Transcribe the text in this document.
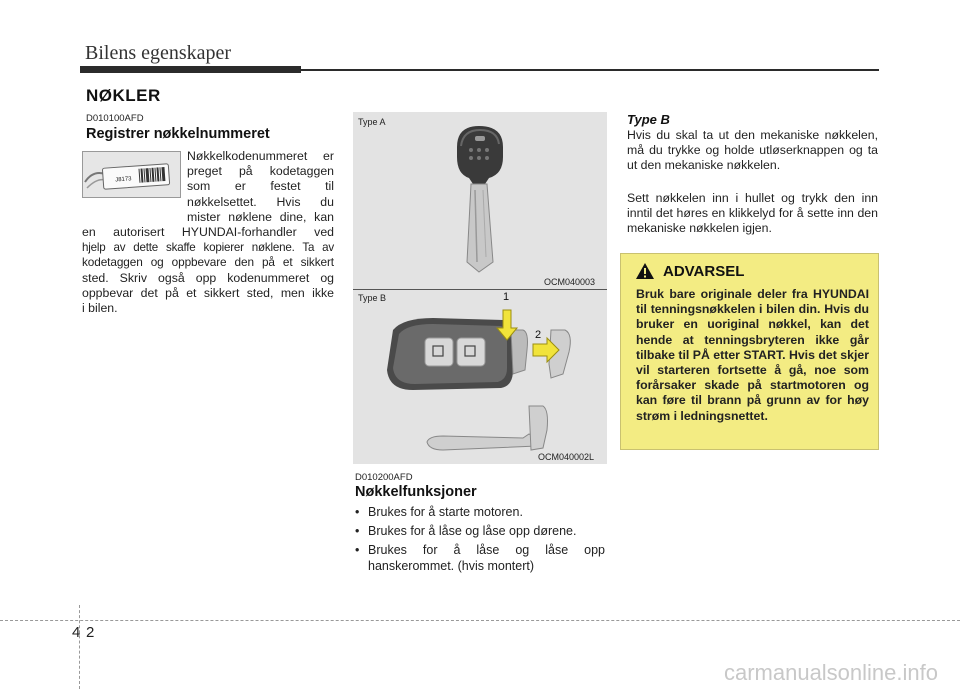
Bilens egenskaper
NØKLER
D010100AFD
Registrer nøkkelnummeret
J8173
Nøkkelkodenummeret er
preget på kodetaggen
som er festet til
nøkkelsettet. Hvis du
mister nøklene dine, kan
en autorisert HYUNDAI-forhandler ved
hjelp av dette skaffe kopierer nøklene. Ta av
kodetaggen og oppbevare den på et sikkert
sted. Skriv også opp kodenummeret og
oppbevar det på et sikkert sted, men ikke
i bilen.
Type A
OCM040003
1
2
Type B
OCM040002L
D010200AFD
Nøkkelfunksjoner
• Brukes for å starte motoren.
• Brukes for å låse og låse opp dørene.
• Brukes for å låse og låse opp hanskerommet. (hvis montert)
Type B
Hvis du skal ta ut den mekaniske nøkkelen, må du trykke og holde utløserknappen og ta ut den mekaniske nøkkelen.
Sett nøkkelen inn i hullet og trykk den inn inntil det høres en klikkelyd for å sette inn den mekaniske nøkkelen igjen.
ADVARSEL
Bruk bare originale deler fra HYUNDAI til tenningsnøkkelen i bilen din. Hvis du bruker en uoriginal nøkkel, kan det hende at tenningsbryteren ikke går tilbake til PÅ etter START. Hvis det skjer vil starteren fortsette å gå, noe som forårsaker skade på startmotoren og kan føre til brann på grunn av for høy strøm i ledningsnettet.
4 2
carmanualsonline.info
